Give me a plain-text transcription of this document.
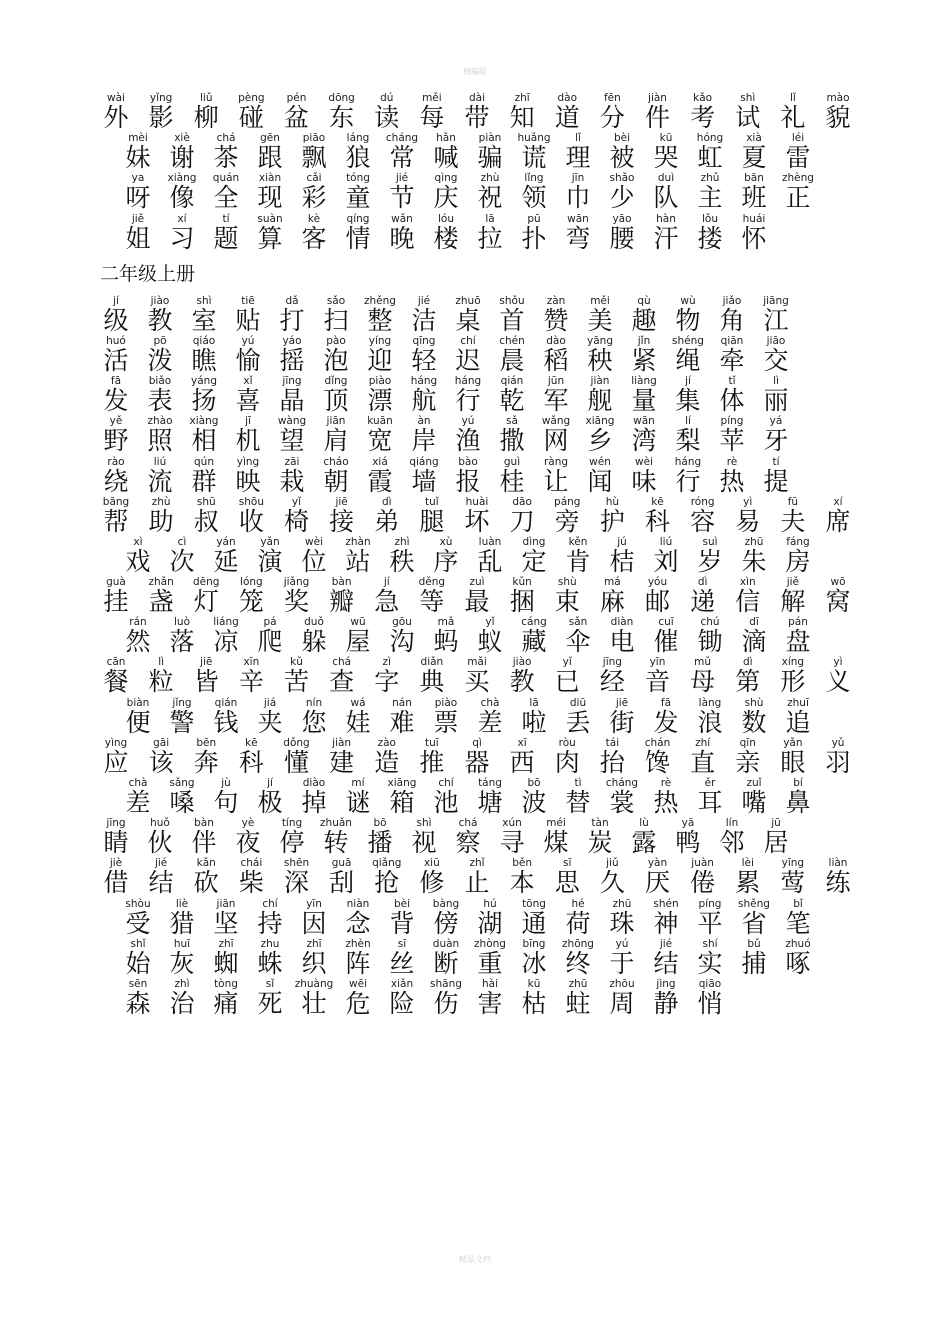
精编版
wài
外
yǐng
影
liǔ
柳
pèng
碰
pén
盆
dōng
东
dú
读
měi
每
dài
带
zhī
知
dào
道
fēn
分
jiàn
件
kǎo
考
shì
试
lǐ
礼
mào
貌
mèi
妹
xiè
谢
chá
茶
gēn
跟
piāo
飘
láng
狼
cháng
常
hǎn
喊
piàn
骗
huǎng
谎
lǐ
理
bèi
被
kū
哭
hóng
虹
xià
夏
léi
雷
ya
呀
xiàng
像
quán
全
xiàn
现
cǎi
彩
tóng
童
jié
节
qìng
庆
zhù
祝
lǐng
领
jīn
巾
shǎo
少
duì
队
zhǔ
主
bān
班
zhèng
正
jiě
姐
xí
习
tí
题
suàn
算
kè
客
qíng
情
wǎn
晚
lóu
楼
lā
拉
pū
扑
wān
弯
yāo
腰
hàn
汗
lǒu
搂
huái
怀
二年级上册
jí
级
jiào
教
shì
室
tiē
贴
dǎ
打
sǎo
扫
zhěng
整
jié
洁
zhuō
桌
shǒu
首
zàn
赞
měi
美
qù
趣
wù
物
jiǎo
角
jiāng
江
huó
活
pō
泼
qiáo
瞧
yú
愉
yáo
摇
pào
泡
yíng
迎
qīng
轻
chí
迟
chén
晨
dào
稻
yāng
秧
jǐn
紧
shéng
绳
qiān
牵
jiāo
交
fā
发
biǎo
表
yáng
扬
xǐ
喜
jīng
晶
dǐng
顶
piào
漂
háng
航
háng
行
qián
乾
jūn
军
jiàn
舰
liàng
量
jí
集
tǐ
体
lì
丽
yě
野
zhào
照
xiàng
相
jī
机
wàng
望
jiān
肩
kuān
宽
àn
岸
yú
渔
sǎ
撒
wǎng
网
xiāng
乡
wān
湾
lí
梨
píng
苹
yá
牙
rào
绕
liú
流
qún
群
yìng
映
zāi
栽
cháo
朝
xiá
霞
qiáng
墙
bào
报
guì
桂
ràng
让
wén
闻
wèi
味
háng
行
rè
热
tí
提
bāng
帮
zhù
助
shū
叔
shōu
收
yǐ
椅
jiē
接
dì
弟
tuǐ
腿
huài
坏
dāo
刀
páng
旁
hù
护
kē
科
róng
容
yì
易
fū
夫
xí
席
xì
戏
cì
次
yán
延
yǎn
演
wèi
位
zhàn
站
zhì
秩
xù
序
luàn
乱
dìng
定
kěn
肯
jú
桔
liú
刘
suì
岁
zhū
朱
fáng
房
guà
挂
zhǎn
盏
dēng
灯
lóng
笼
jiǎng
奖
bàn
瓣
jí
急
děng
等
zuì
最
kǔn
捆
shù
束
má
麻
yóu
邮
dì
递
xìn
信
jiě
解
wō
窝
rán
然
luò
落
liáng
凉
pá
爬
duǒ
躲
wū
屋
gōu
沟
mǎ
蚂
yǐ
蚁
cáng
藏
sǎn
伞
diàn
电
cuī
催
chú
锄
dī
滴
pán
盘
cān
餐
lì
粒
jiē
皆
xīn
辛
kǔ
苦
chá
查
zì
字
diǎn
典
mǎi
买
jiào
教
yǐ
已
jīng
经
yīn
音
mǔ
母
dì
第
xíng
形
yì
义
biàn
便
jǐng
警
qián
钱
jiá
夹
nín
您
wá
娃
nán
难
piào
票
chà
差
lā
啦
diū
丢
jiē
街
fā
发
làng
浪
shù
数
zhuī
追
yìng
应
gāi
该
bēn
奔
kē
科
dǒng
懂
jiàn
建
zào
造
tuī
推
qì
器
xī
西
ròu
肉
tái
抬
chán
馋
zhí
直
qīn
亲
yǎn
眼
yǔ
羽
chà
差
sǎng
嗓
jù
句
jí
极
diào
掉
mí
谜
xiāng
箱
chí
池
táng
塘
bō
波
tì
替
cháng
裳
rè
热
ěr
耳
zuǐ
嘴
bí
鼻
jīng
睛
huǒ
伙
bàn
伴
yè
夜
tíng
停
zhuǎn
转
bō
播
shì
视
chá
察
xún
寻
méi
煤
tàn
炭
lù
露
yā
鸭
lín
邻
jū
居
jiè
借
jié
结
kǎn
砍
chái
柴
shēn
深
guā
刮
qiǎng
抢
xiū
修
zhǐ
止
běn
本
sī
思
jiǔ
久
yàn
厌
juàn
倦
lèi
累
yīng
莺
liàn
练
shòu
受
liè
猎
jiān
坚
chí
持
yīn
因
niàn
念
bèi
背
bàng
傍
hú
湖
tōng
通
hé
荷
zhū
珠
shén
神
píng
平
shěng
省
bǐ
笔
shǐ
始
huī
灰
zhī
蜘
zhu
蛛
zhī
织
zhèn
阵
sī
丝
duàn
断
zhòng
重
bīng
冰
zhōng
终
yú
于
jié
结
shí
实
bǔ
捕
zhuó
啄
sēn
森
zhì
治
tòng
痛
sǐ
死
zhuàng
壮
wēi
危
xiǎn
险
shāng
伤
hài
害
kū
枯
zhū
蛀
zhōu
周
jìng
静
qiāo
悄
精品文档
